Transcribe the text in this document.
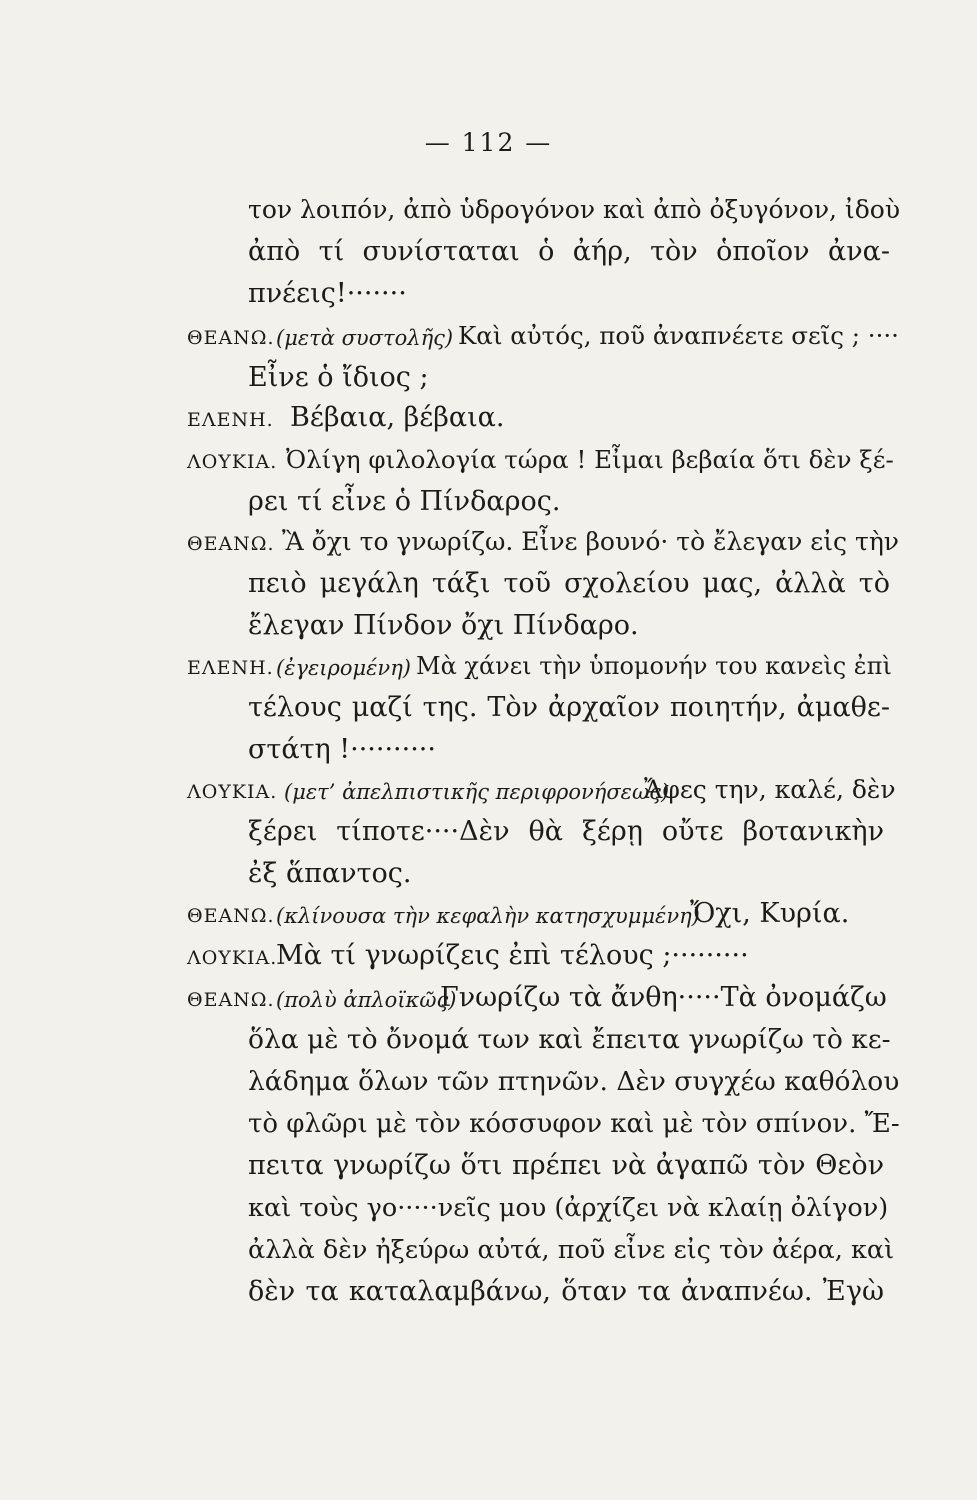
— 112 —
τον λοιπόν, ἀπὸ ὑδρογόνον καὶ ἀπὸ ὀξυγόνον, ἰδοὺ
ἀπὸ τί συνίσταται ὁ ἀήρ, τὸν ὁποῖον ἀνα-
πνέεις!·······
ΘΕΑΝΩ. (μετὰ συστολῆς) Καὶ αὐτός, ποῦ ἀναπνέετε σεῖς ; ····
Εἶνε ὁ ἴδιος ;
ΕΛΕΝΗ. Βέβαια, βέβαια.
ΛΟΥΚΙΑ. Ὀλίγη φιλολογία τώρα ! Εἶμαι βεβαία ὅτι δὲν ξέ-
ρει τί εἶνε ὁ Πίνδαρος.
ΘΕΑΝΩ. Ἂ ὄχι το γνωρίζω. Εἶνε βουνό· τὸ ἔλεγαν εἰς τὴν
πειὸ μεγάλη τάξι τοῦ σχολείου μας, ἀλλὰ τὸ
ἔλεγαν Πίνδον ὄχι Πίνδαρο.
ΕΛΕΝΗ. (ἐγειρομένη) Μὰ χάνει τὴν ὑπομονήν του κανεὶς ἐπὶ
τέλους μαζί της. Τὸν ἀρχαῖον ποιητήν, ἀμαθε-
στάτη !··········
ΛΟΥΚΙΑ. (μετ’ ἀπελπιστικῆς περιφρονήσεως)
Ἄφες την, καλέ, δὲν
ξέρει τίποτε····Δὲν θὰ ξέρῃ οὔτε βοτανικὴν
ἐξ ἅπαντος.
ΘΕΑΝΩ. (κλίνουσα τὴν κεφαλὴν κατησχυμμένη)
Ὄχι, Κυρία.
ΛΟΥΚΙΑ.
Μὰ τί γνωρίζεις ἐπὶ τέλους ;·········
ΘΕΑΝΩ. (πολὺ ἀπλοϊκῶς)
Γνωρίζω τὰ ἄνθη·····Τὰ ὀνομάζω
ὅλα μὲ τὸ ὄνομά των καὶ ἔπειτα γνωρίζω τὸ κε-
λάδημα ὅλων τῶν πτηνῶν. Δὲν συγχέω καθόλου
τὸ φλῶρι μὲ τὸν κόσσυφον καὶ μὲ τὸν σπίνον. Ἔ-
πειτα γνωρίζω ὅτι πρέπει νὰ ἀγαπῶ τὸν Θεὸν
καὶ τοὺς γο·····νεῖς μου (ἀρχίζει νὰ κλαίῃ ὀλίγον)
ἀλλὰ δὲν ἠξεύρω αὐτά, ποῦ εἶνε εἰς τὸν ἀέρα, καὶ
δὲν τα καταλαμβάνω, ὅταν τα ἀναπνέω. Ἐγὼ
